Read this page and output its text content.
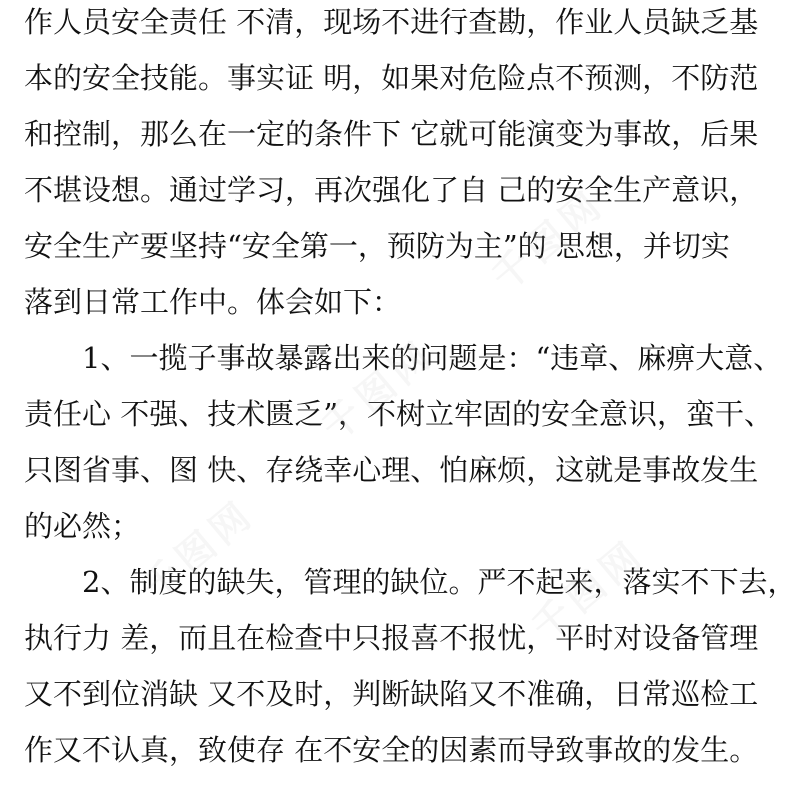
作人员安全责任 不清，现场不进行查勘，作业人员缺乏基
本的安全技能。事实证 明，如果对危险点不预测，不防范
和控制，那么在一定的条件下 它就可能演变为事故，后果
不堪设想。通过学习，再次强化了自 己的安全生产意识，
安全生产要坚持“安全第一，预防为主”的 思想，并切实
落到日常工作中。体会如下：
1、一揽子事故暴露出来的问题是：“违章、麻痹大意、
责任心 不强、技术匮乏”，不树立牢固的安全意识，蛮干、
只图省事、图 快、存绕幸心理、怕麻烦，这就是事故发生
的必然；
2、制度的缺失，管理的缺位。严不起来，落实不下去，
执行力 差，而且在检查中只报喜不报忧，平时对设备管理
又不到位消缺 又不及时，判断缺陷又不准确，日常巡检工
作又不认真，致使存 在不安全的因素而导致事故的发生。
千图网
千图网
千图网	千图网
